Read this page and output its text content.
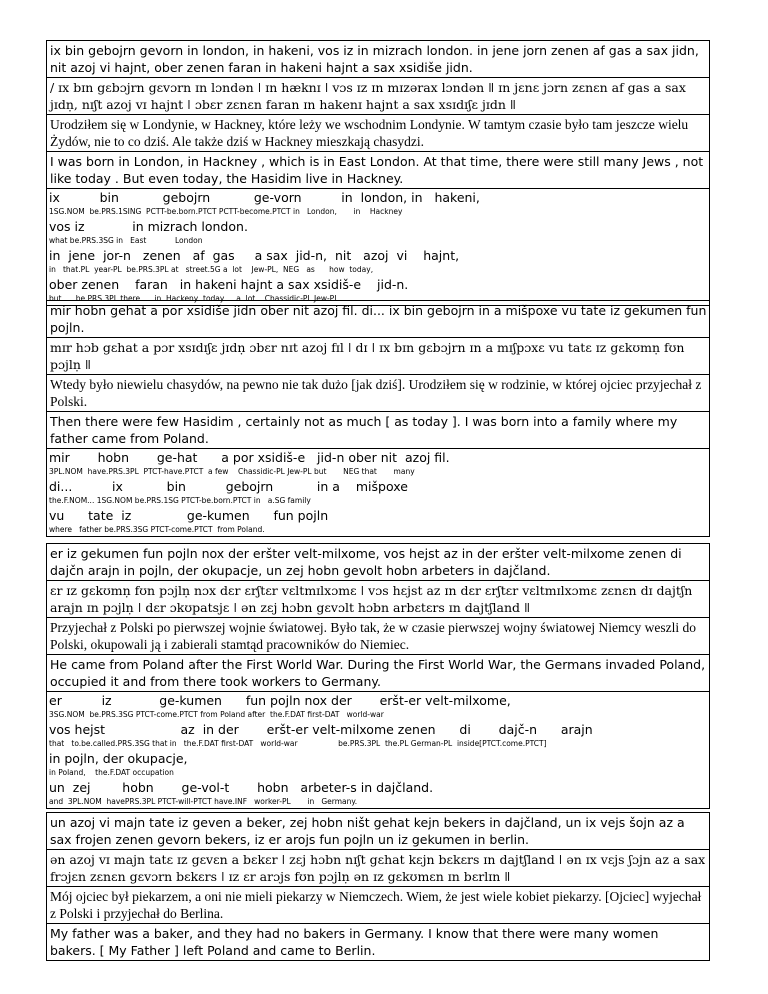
ix bin gebojrn gevorn in london, in hakeni, vos iz in mizrach london. in jene jorn zenen af gas a sax jidn, nit azoj vi hajnt, ober zenen faran in hakeni hajnt a sax xsidiše jidn.
/ ɪx bɪn gɛbɔjrn gɛvɔrn ɪn lɔndən ǀ ɪn hæknɪ ǀ vɔs ɪz ɪn mɪzərax lɔndən ǁ ɪn jɛnɛ jɔrn zɛnɛn af gas a sax jɪdṇ, nɪʃt azoj vɪ hajnt ǀ ɔbɛr zɛnɛn faran ɪn hakenɪ hajnt a sax xsɪdɪʃɛ jɪdn ǁ
Urodziłem się w Londynie, w Hackney, które leży we wschodnim Londynie. W tamtym czasie było tam jeszcze wielu Żydów, nie to co dziś. Ale także dziś w Hackney mieszkają chasydzi.
I was born in London, in Hackney , which is in East London. At that time, there were still many Jews , not like today . But even today, the Hasidim live in Hackney.
ix          bin           gebojrn           ge-vorn          in  london, in   hakeni,
1SG.NOM  be.PRS.1SING  PCTT-be.born.PTCT PCTT-become.PTCT in   London,       in    Hackney
vos iz            in mizrach london.
what be.PRS.3SG in   East            London
in  jene  jor-n   zenen   af  gas     a sax  jid-n,  nit   azoj  vi    hajnt,
in   that.PL  year-PL  be.PRS.3PL at   street.5G a  lot    Jew-PL,  NEG   as      how  today,
ober zenen    faran   in hakeni hajnt a sax xsidiš-e    jid-n.
but      be.PRS.3PL there      in  Hackeny  today     a  lot    Chassidic-PL Jew-PL
mir hobn gehat a por xsidiše jidn ober nit azoj fil. di... ix bin gebojrn in a mišpoxe vu tate iz gekumen fun pojln.
mɪr hɔb gɛhat a pɔr xsɪdɪʃɛ jɪdṇ ɔbɛr nɪt azoj fɪl ǀ dɪ ǀ ɪx bɪn gɛbɔjrn ɪn a mɪʃpɔxɛ vu tatɛ ɪz gɛkʊmṇ fʊn pɔjlṇ ǁ
Wtedy było niewielu chasydów, na pewno nie tak dużo [jak dziś]. Urodziłem się w rodzinie, w której ojciec przyjechał z Polski.
Then there were few Hasidim , certainly not as much [ as today ]. I was born into a family where my father came from Poland.
mir       hobn       ge-hat      a por xsidiš-e   jid-n ober nit  azoj fil.
3PL.NOM  have.PRS.3PL  PTCT-have.PTCT  a few    Chassidic-PL Jew-PL but       NEG that       many
di...          ix           bin          gebojrn           in a    mišpoxe
the.F.NOM... 1SG.NOM be.PRS.1SG PTCT-be.born.PTCT in   a.SG family
vu      tate  iz              ge-kumen      fun pojln
where   father be.PRS.3SG PTCT-come.PTCT  from Poland.
er iz gekumen fun pojln nox der eršter velt-milxome, vos hejst az in der eršter velt-milxome zenen di dajčn arajn in pojln, der okupacje, un zej hobn gevolt hobn arbeters in dajčland.
ɛr ɪz gɛkʊmṇ fʊn pɔjlṇ nɔx dɛr ɛrʃtɛr vɛltmɪlxɔmɛ ǀ vɔs hɛjst az ɪn dɛr ɛrʃtɛr vɛltmɪlxɔmɛ zɛnɛn dɪ dajtʃn arajn ɪn pɔjlṇ ǀ dɛr ɔkʊpatsjɛ ǀ ən zɛj hɔbn gɛvɔlt hɔbn arbɛtɛrs ɪn dajtʃland ǁ
Przyjechał z Polski po pierwszej wojnie światowej. Było tak, że w czasie pierwszej wojny światowej Niemcy weszli do Polski, okupowali ją i zabierali stamtąd pracowników do Niemiec.
He came from Poland after the First World War. During the First World War, the Germans invaded Poland, occupied it and from there took workers to Germany.
er          iz            ge-kumen      fun pojln nox der       eršt-er velt-milxome,
3SG.NOM  be.PRS.3SG PTCT-come.PTCT from Poland after  the.F.DAT first-DAT   world-war
vos hejst                   az  in der       eršt-er velt-milxome zenen      di       dajč-n      arajn
that   to.be.called.PRS.3SG that in   the.F.DAT first-DAT   world-war                 be.PRS.3PL  the.PL German-PL  inside[PTCT.come.PTCT]
in pojln, der okupacje,
in Poland,    the.F.DAT occupation
un  zej        hobn       ge-vol-t       hobn   arbeter-s in dajčland.
and  3PL.NOM  havePRS.3PL PTCT-will-PTCT have.INF   worker-PL       in   Germany.
un azoj vi majn tate iz geven a beker, zej hobn ništ gehat kejn bekers in dajčland, un ix vejs šojn az a sax frojen zenen gevorn bekers, iz er arojs fun pojln un iz gekumen in berlin.
ən azoj vɪ majn tatɛ ɪz gɛvɛn a bɛkɛr ǀ zɛj hɔbn nɪʃt gɛhat kɛjn bɛkɛrs ɪn dajtʃland ǀ ən ɪx vɛjs ʃɔjn az a sax frɔjɛn zɛnɛn gɛvɔrn bɛkɛrs ǀ ɪz ɛr arɔjs fʊn pɔjlṇ ən ɪz gɛkʊmɛn ɪn bɛrlɪn ǁ
Mój ojciec był piekarzem, a oni nie mieli piekarzy w Niemczech. Wiem, że jest wiele kobiet piekarzy. [Ojciec] wyjechał z Polski i przyjechał do Berlina.
My father was a baker, and they had no bakers in Germany. I know that there were many women bakers. [ My Father ] left Poland and came to Berlin.
